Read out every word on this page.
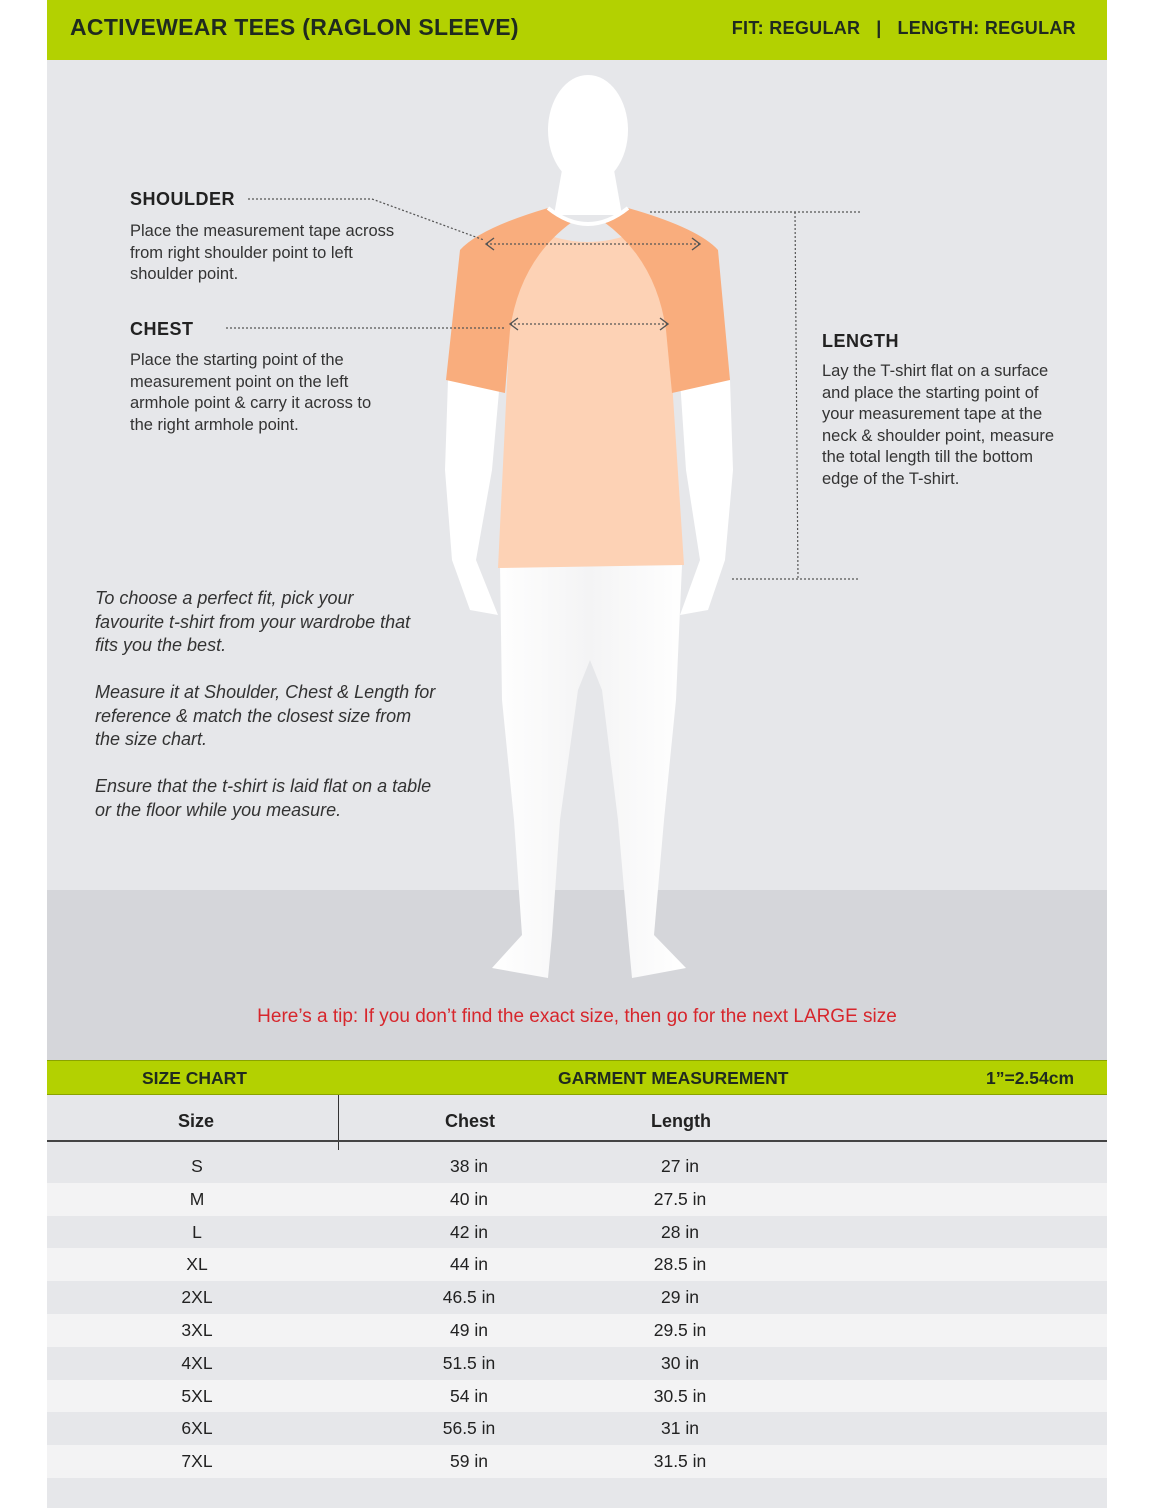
ACTIVEWEAR TEES (RAGLON SLEEVE)	FIT: REGULAR   |   LENGTH: REGULAR
SHOULDER
Place the measurement tape across from right shoulder point to left shoulder point.
CHEST
Place the starting point of the measurement point on the left armhole point & carry it across to the right armhole point.
LENGTH
Lay the T-shirt flat on a surface and place the starting point of your measurement tape at the neck & shoulder point, measure the total length till the bottom edge of the T-shirt.
To choose a perfect fit, pick your favourite t-shirt from your wardrobe that fits you the best.
Measure it at Shoulder, Chest & Length for reference & match the closest size from the size chart.
Ensure that the t-shirt is laid flat on a table or the floor while you measure.
Here’s a tip: If you don’t find the exact size, then go for the next LARGE size
SIZE CHART	GARMENT MEASUREMENT	1”=2.54cm
Size	Chest	Length
S	38 in	27 in
M	40 in	27.5 in
L	42 in	28 in
XL	44 in	28.5 in
2XL	46.5 in	29 in
3XL	49 in	29.5 in
4XL	51.5 in	30 in
5XL	54 in	30.5 in
6XL	56.5 in	31 in
7XL	59 in	31.5 in
